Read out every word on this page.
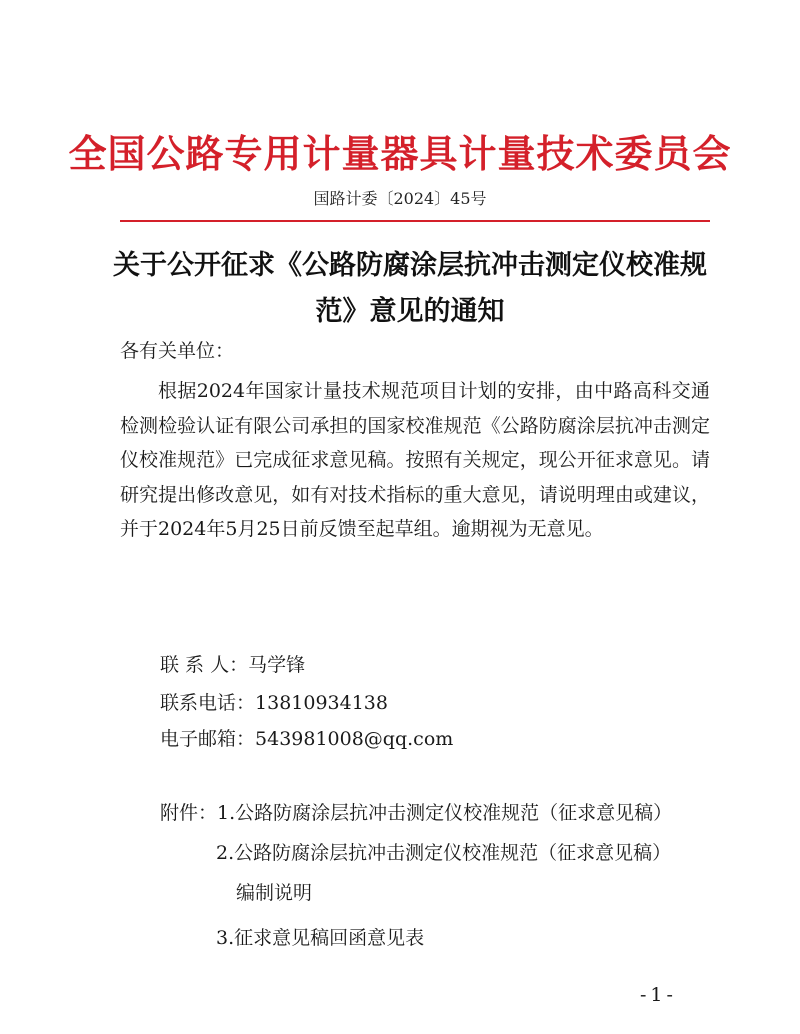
全国公路专用计量器具计量技术委员会
国路计委〔2024〕45号
关于公开征求《公路防腐涂层抗冲击测定仪校准规范》意见的通知
各有关单位：
根据2024年国家计量技术规范项目计划的安排，由中路高科交通检测检验认证有限公司承担的国家校准规范《公路防腐涂层抗冲击测定仪校准规范》已完成征求意见稿。按照有关规定，现公开征求意见。请研究提出修改意见，如有对技术指标的重大意见，请说明理由或建议，并于2024年5月25日前反馈至起草组。逾期视为无意见。
联 系 人：马学锋
联系电话：13810934138
电子邮箱：543981008@qq.com
附件：1.公路防腐涂层抗冲击测定仪校准规范（征求意见稿）
2.公路防腐涂层抗冲击测定仪校准规范（征求意见稿）
编制说明
3.征求意见稿回函意见表
-1-
